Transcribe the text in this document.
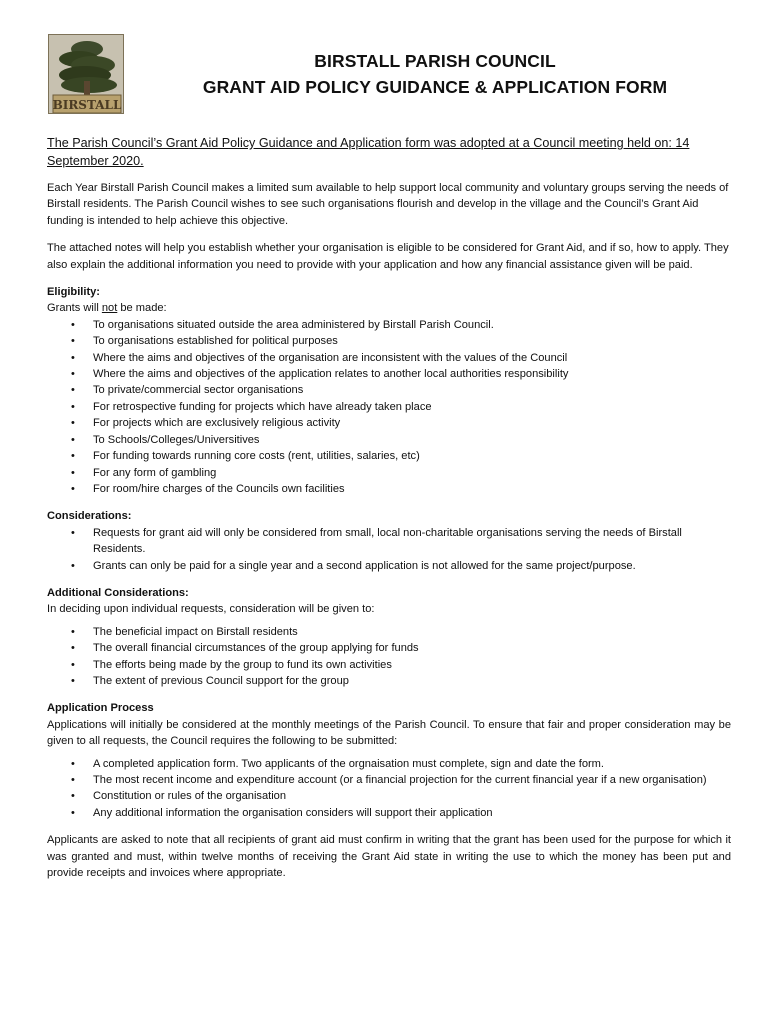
BIRSTALL
BIRSTALL PARISH COUNCIL
GRANT AID POLICY GUIDANCE & APPLICATION FORM

The Parish Council’s Grant Aid Policy Guidance and Application form was adopted at a Council meeting held on: 14 September 2020.

Each Year Birstall Parish Council makes a limited sum available to help support local community and voluntary groups serving the needs of Birstall residents. The Parish Council wishes to see such organisations flourish and develop in the village and the Council’s Grant Aid funding is intended to help achieve this objective.

The attached notes will help you establish whether your organisation is eligible to be considered for Grant Aid, and if so, how to apply. They also explain the additional information you need to provide with your application and how any financial assistance given will be paid.

Eligibility:
Grants will not be made:
• To organisations situated outside the area administered by Birstall Parish Council.
• To organisations established for political purposes
• Where the aims and objectives of the organisation are inconsistent with the values of the Council
• Where the aims and objectives of the application relates to another local authorities responsibility
• To private/commercial sector organisations
• For retrospective funding for projects which have already taken place
• For projects which are exclusively religious activity
• To Schools/Colleges/Universitives
• For funding towards running core costs (rent, utilities, salaries, etc)
• For any form of gambling
• For room/hire charges of the Councils own facilities
Considerations:
• Requests for grant aid will only be considered from small, local non-charitable organisations serving the needs of Birstall Residents.
• Grants can only be paid for a single year and a second application is not allowed for the same project/purpose.
Additional Considerations:
In deciding upon individual requests, consideration will be given to:
• The beneficial impact on Birstall residents
• The overall financial circumstances of the group applying for funds
• The efforts being made by the group to fund its own activities
• The extent of previous Council support for the group
Application Process
Applications will initially be considered at the monthly meetings of the Parish Council. To ensure that fair and proper consideration may be given to all requests, the Council requires the following to be submitted:
• A completed application form. Two applicants of the orgnaisation must complete, sign and date the form.
• The most recent income and expenditure account (or a financial projection for the current financial year if a new organisation)
• Constitution or rules of the organisation
• Any additional information the organisation considers will support their application

Applicants are asked to note that all recipients of grant aid must confirm in writing that the grant has been used for the purpose for which it was granted and must, within twelve months of receiving the Grant Aid state in writing the use to which the money has been put and provide receipts and invoices where appropriate.
